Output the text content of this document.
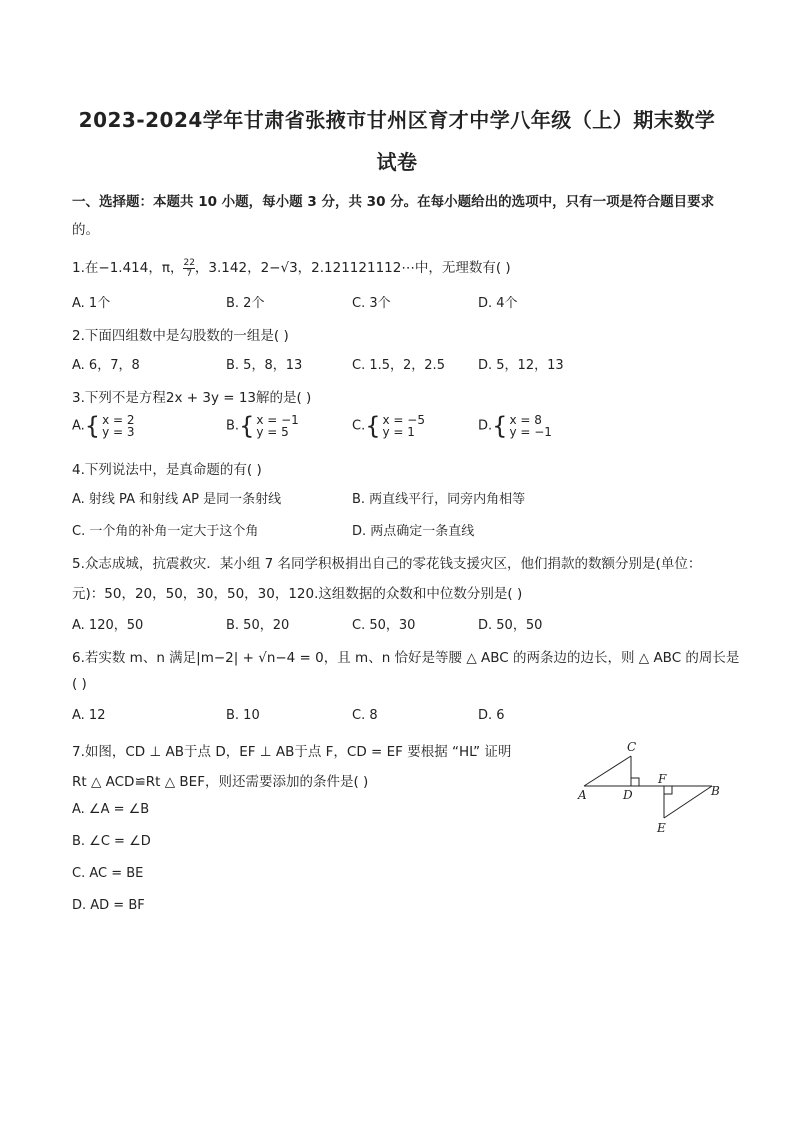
2023-2024学年甘肃省张掖市甘州区育才中学八年级（上）期末数学
试卷
一、选择题：本题共 10 小题，每小题 3 分，共 30 分。在每小题给出的选项中，只有一项是符合题目要求
的。
1.在−1.414，π， $\frac{22}{7}$ ，3.142，2−√3，2.121121112⋯中，无理数有( )
A. 1个	B. 2个	C. 3个	D. 4个
2.下面四组数中是勾股数的一组是( )
A. 6，7，8	B. 5，8，13	C. 1.5，2，2.5	D. 5，12，13
3.下列不是方程2x + 3y = 13解的是( )
A.{ x = 2
y = 3	B.{ x = −1
y = 5	C.{ x = −5
y = 1	D.{ x = 8
y = −1
4.下列说法中，是真命题的有( )
A. 射线 PA 和射线 AP 是同一条射线	B. 两直线平行，同旁内角相等
C. 一个角的补角一定大于这个角	D. 两点确定一条直线
5.众志成城，抗震救灾．某小组 7 名同学积极捐出自己的零花钱支援灾区，他们捐款的数额分别是(单位：
元)：50，20，50，30，50，30，120.这组数据的众数和中位数分别是( )
A. 120，50	B. 50，20	C. 50，30	D. 50，50
6.若实数 m、n 满足|m−2| + √n−4 = 0，且 m、n 恰好是等腰 △ ABC 的两条边的边长，则 △ ABC 的周长是
( )
A. 12	B. 10	C. 8	D. 6
7.如图，CD ⊥ AB于点 D，EF ⊥ AB于点 F，CD = EF 要根据 “HL” 证明
Rt △ ACD≌Rt △ BEF，则还需要添加的条件是( )
A. ∠A = ∠B
B. ∠C = ∠D
C. AC = BE
D. AD = BF
C
A	D
F
B
E
